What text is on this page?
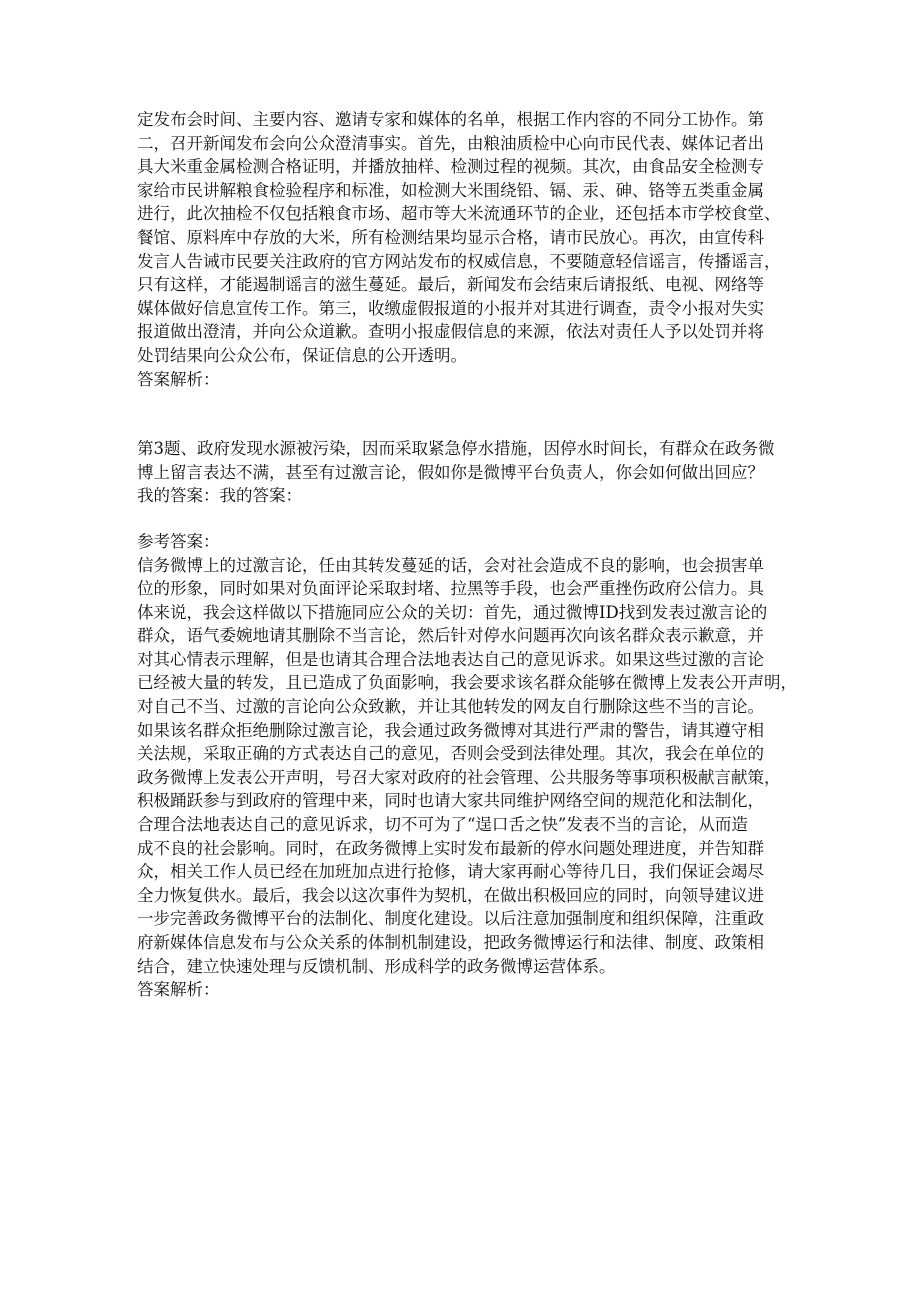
定发布会时间、主要内容、邀请专家和媒体的名单，根据工作内容的不同分工协作。第
二，召开新闻发布会向公众澄清事实。首先，由粮油质检中心向市民代表、媒体记者出
具大米重金属检测合格证明，并播放抽样、检测过程的视频。其次，由食品安全检测专
家给市民讲解粮食检验程序和标准，如检测大米围绕铅、镉、汞、砷、铬等五类重金属
进行，此次抽检不仅包括粮食市场、超市等大米流通环节的企业，还包括本市学校食堂、
餐馆、原料库中存放的大米，所有检测结果均显示合格，请市民放心。再次，由宣传科
发言人告诫市民要关注政府的官方网站发布的权威信息，不要随意轻信谣言，传播谣言，
只有这样，才能遏制谣言的滋生蔓延。最后，新闻发布会结束后请报纸、电视、网络等
媒体做好信息宣传工作。第三，收缴虚假报道的小报并对其进行调查，责令小报对失实
报道做出澄清，并向公众道歉。查明小报虚假信息的来源，依法对责任人予以处罚并将
处罚结果向公众公布，保证信息的公开透明。
答案解析：
第3题、政府发现水源被污染，因而采取紧急停水措施，因停水时间长，有群众在政务微
博上留言表达不满，甚至有过激言论，假如你是微博平台负责人，你会如何做出回应？
我的答案：我的答案：
参考答案：
信务微博上的过激言论，任由其转发蔓延的话，会对社会造成不良的影响，也会损害单
位的形象，同时如果对负面评论采取封堵、拉黑等手段，也会严重挫伤政府公信力。具
体来说，我会这样做以下措施同应公众的关切：首先，通过微博ID找到发表过激言论的
群众，语气委婉地请其删除不当言论，然后针对停水问题再次向该名群众表示歉意，并
对其心情表示理解，但是也请其合理合法地表达自己的意见诉求。如果这些过激的言论
已经被大量的转发，且已造成了负面影响，我会要求该名群众能够在微博上发表公开声明，
对自己不当、过激的言论向公众致歉，并让其他转发的网友自行删除这些不当的言论。
如果该名群众拒绝删除过激言论，我会通过政务微博对其进行严肃的警告，请其遵守相
关法规，采取正确的方式表达自己的意见，否则会受到法律处理。其次，我会在单位的
政务微博上发表公开声明，号召大家对政府的社会管理、公共服务等事项积极献言献策，
积极踊跃参与到政府的管理中来，同时也请大家共同维护网络空间的规范化和法制化，
合理合法地表达自己的意见诉求，切不可为了“逞口舌之快”发表不当的言论，从而造
成不良的社会影响。同时，在政务微博上实时发布最新的停水问题处理进度，并告知群
众，相关工作人员已经在加班加点进行抢修，请大家再耐心等待几日，我们保证会竭尽
全力恢复供水。最后，我会以这次事件为契机，在做出积极回应的同时，向领导建议进
一步完善政务微博平台的法制化、制度化建设。以后注意加强制度和组织保障，注重政
府新媒体信息发布与公众关系的体制机制建设，把政务微博运行和法律、制度、政策相
结合，建立快速处理与反馈机制、形成科学的政务微博运营体系。
答案解析：
